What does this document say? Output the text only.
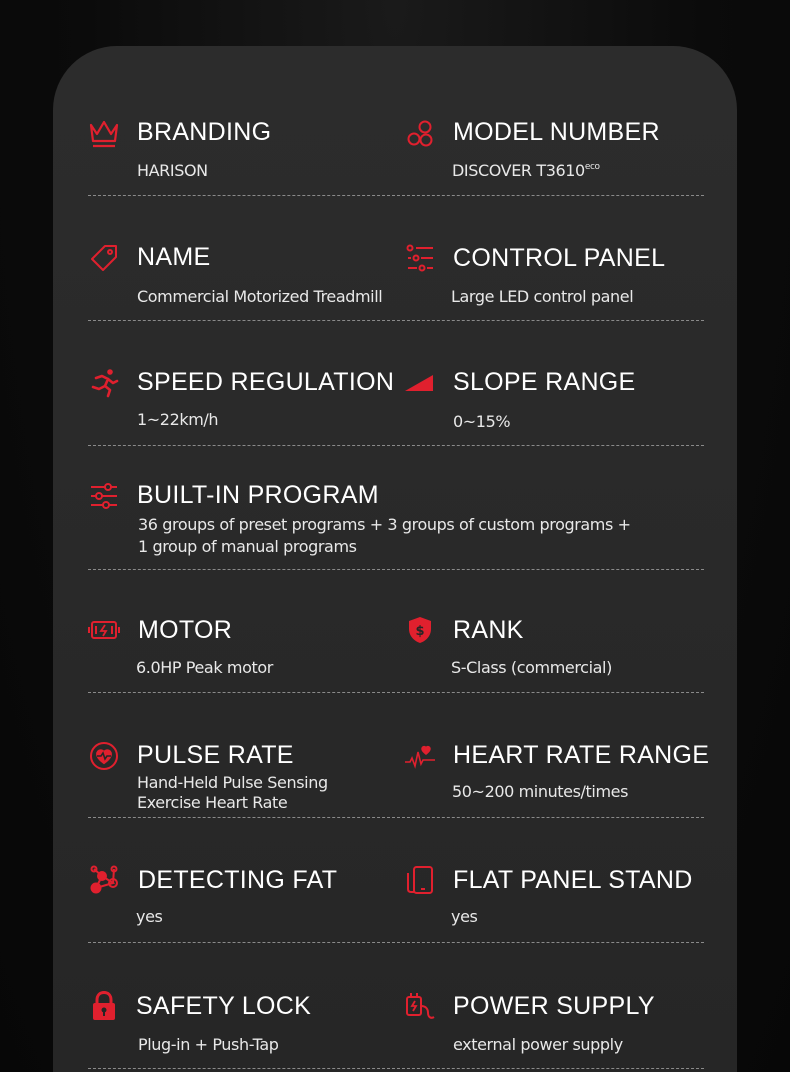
BRANDING
HARISON
MODEL NUMBER
DISCOVER $T3610^{eco}$
NAME
Commercial Motorized Treadmill
CONTROL PANEL
Large LED control panel
SPEED REGULATION
1~22km/h
SLOPE RANGE
0~15%
BUILT-IN PROGRAM
36 groups of preset programs + 3 groups of custom programs +
1 group of manual programs
MOTOR
6.0HP Peak motor
$ RANK
S-Class (commercial)
PULSE RATE
Hand-Held Pulse Sensing
Exercise Heart Rate
HEART RATE RANGE
50~200 minutes/times
DETECTING FAT
yes
FLAT PANEL STAND
yes
SAFETY LOCK
Plug-in + Push-Tap
POWER SUPPLY
external power supply
